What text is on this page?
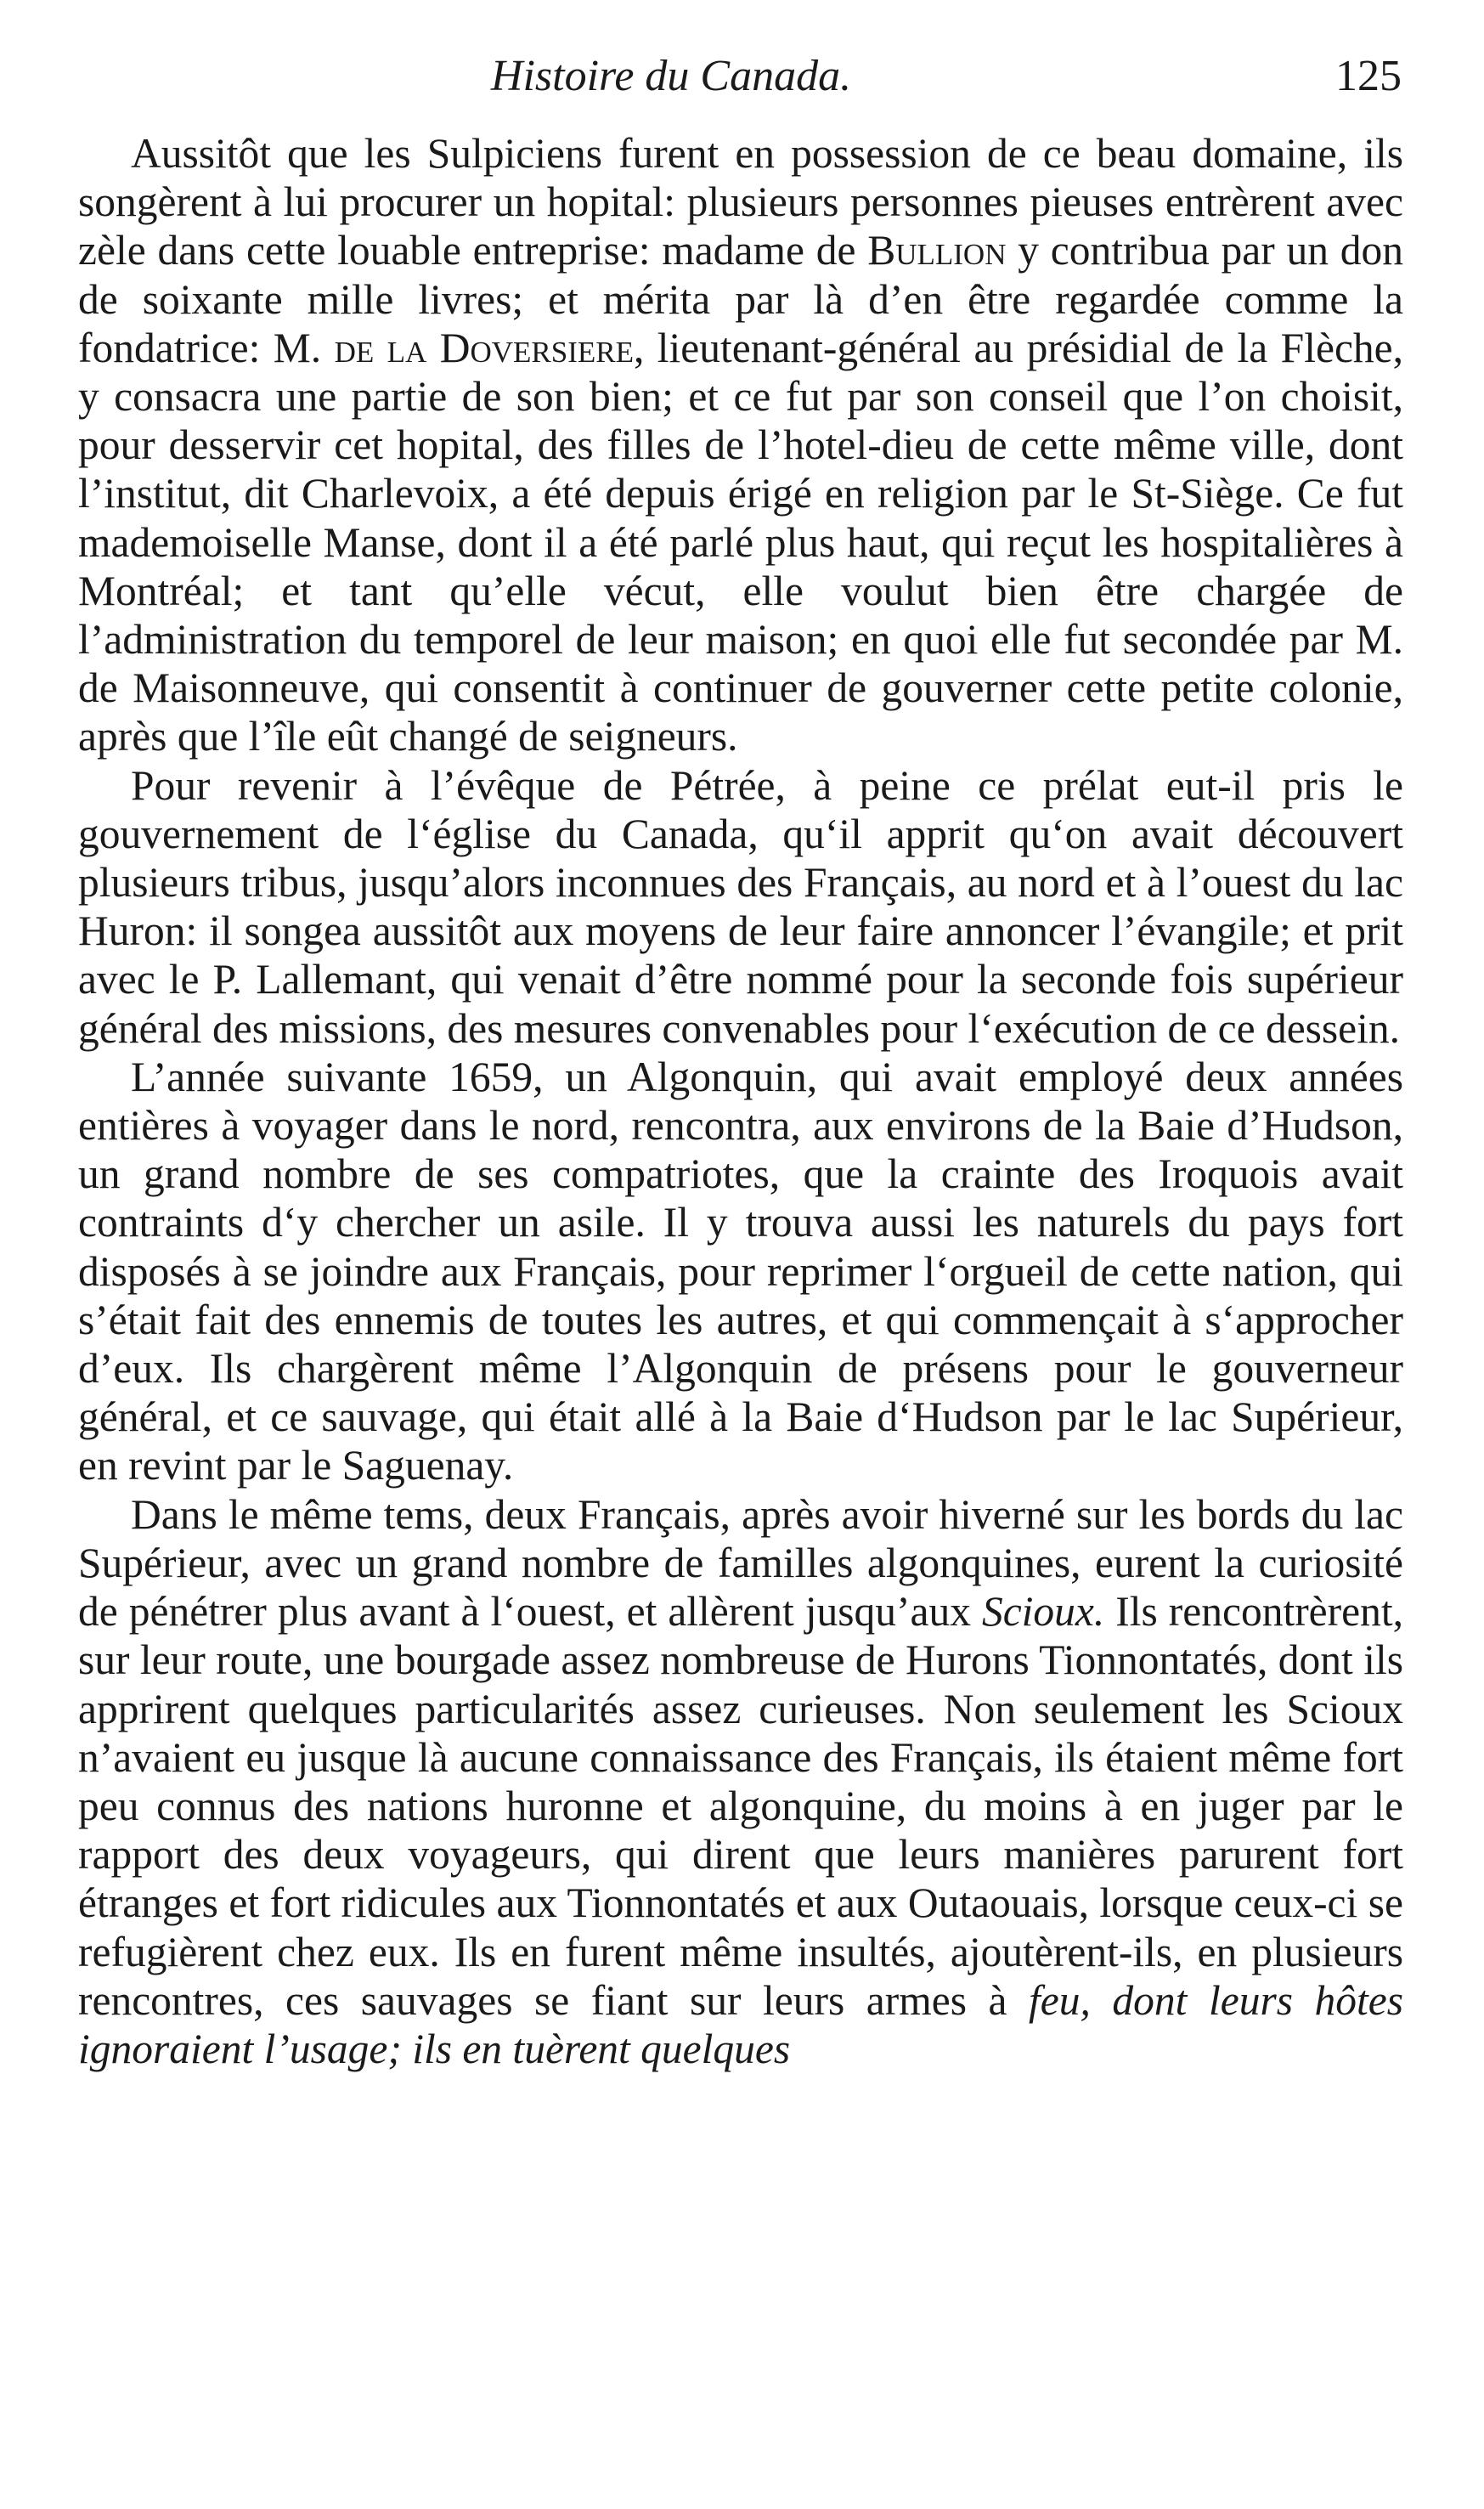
Histoire du Canada.	125

Aussitôt que les Sulpiciens furent en possession de ce beau domaine, ils songèrent à lui procurer un hopital: plusieurs personnes pieuses entrèrent avec zèle dans cette louable entreprise: madame de Bullion y contribua par un don de soixante mille livres; et mérita par là d’en être regardée comme la fondatrice: M. de la Doversiere, lieutenant-général au présidial de la Flèche, y consacra une partie de son bien; et ce fut par son conseil que l’on choisit, pour desservir cet hopital, des filles de l’hotel-dieu de cette même ville, dont l’institut, dit Charlevoix, a été depuis érigé en religion par le St-Siège. Ce fut mademoiselle Manse, dont il a été parlé plus haut, qui reçut les hospitalières à Montréal; et tant qu’elle vécut, elle voulut bien être chargée de l’administration du temporel de leur maison; en quoi elle fut secondée par M. de Maisonneuve, qui consentit à continuer de gouverner cette petite colonie, après que l’île eût changé de seigneurs.

Pour revenir à l’évêque de Pétrée, à peine ce prélat eut-il pris le gouvernement de l‘église du Canada, qu‘il apprit qu‘on avait découvert plusieurs tribus, jusqu’alors inconnues des Français, au nord et à l’ouest du lac Huron: il songea aussitôt aux moyens de leur faire annoncer l’évangile; et prit avec le P. Lallemant, qui venait d’être nommé pour la seconde fois supérieur général des missions, des mesures convenables pour l‘exécution de ce dessein.

L’année suivante 1659, un Algonquin, qui avait employé deux années entières à voyager dans le nord, rencontra, aux environs de la Baie d’Hudson, un grand nombre de ses compatriotes, que la crainte des Iroquois avait contraints d‘y chercher un asile. Il y trouva aussi les naturels du pays fort disposés à se joindre aux Français, pour reprimer l‘orgueil de cette nation, qui s’était fait des ennemis de toutes les autres, et qui commençait à s‘approcher d’eux. Ils chargèrent même l’Algonquin de présens pour le gouverneur général, et ce sauvage, qui était allé à la Baie d‘Hudson par le lac Supérieur, en revint par le Saguenay.

Dans le même tems, deux Français, après avoir hiverné sur les bords du lac Supérieur, avec un grand nombre de familles algonquines, eurent la curiosité de pénétrer plus avant à l‘ouest, et allèrent jusqu’aux Scioux. Ils rencontrèrent, sur leur route, une bourgade assez nombreuse de Hurons Tionnontatés, dont ils apprirent quelques particularités assez curieuses. Non seulement les Scioux n’avaient eu jusque là aucune connaissance des Français, ils étaient même fort peu connus des nations huronne et algonquine, du moins à en juger par le rapport des deux voyageurs, qui dirent que leurs manières parurent fort étranges et fort ridicules aux Tionnontatés et aux Outaouais, lorsque ceux-ci se refugièrent chez eux. Ils en furent même insultés, ajoutèrent-ils, en plusieurs rencontres, ces sauvages se fiant sur leurs armes à feu, dont leurs hôtes ignoraient l’usage; ils en tuèrent quelques
